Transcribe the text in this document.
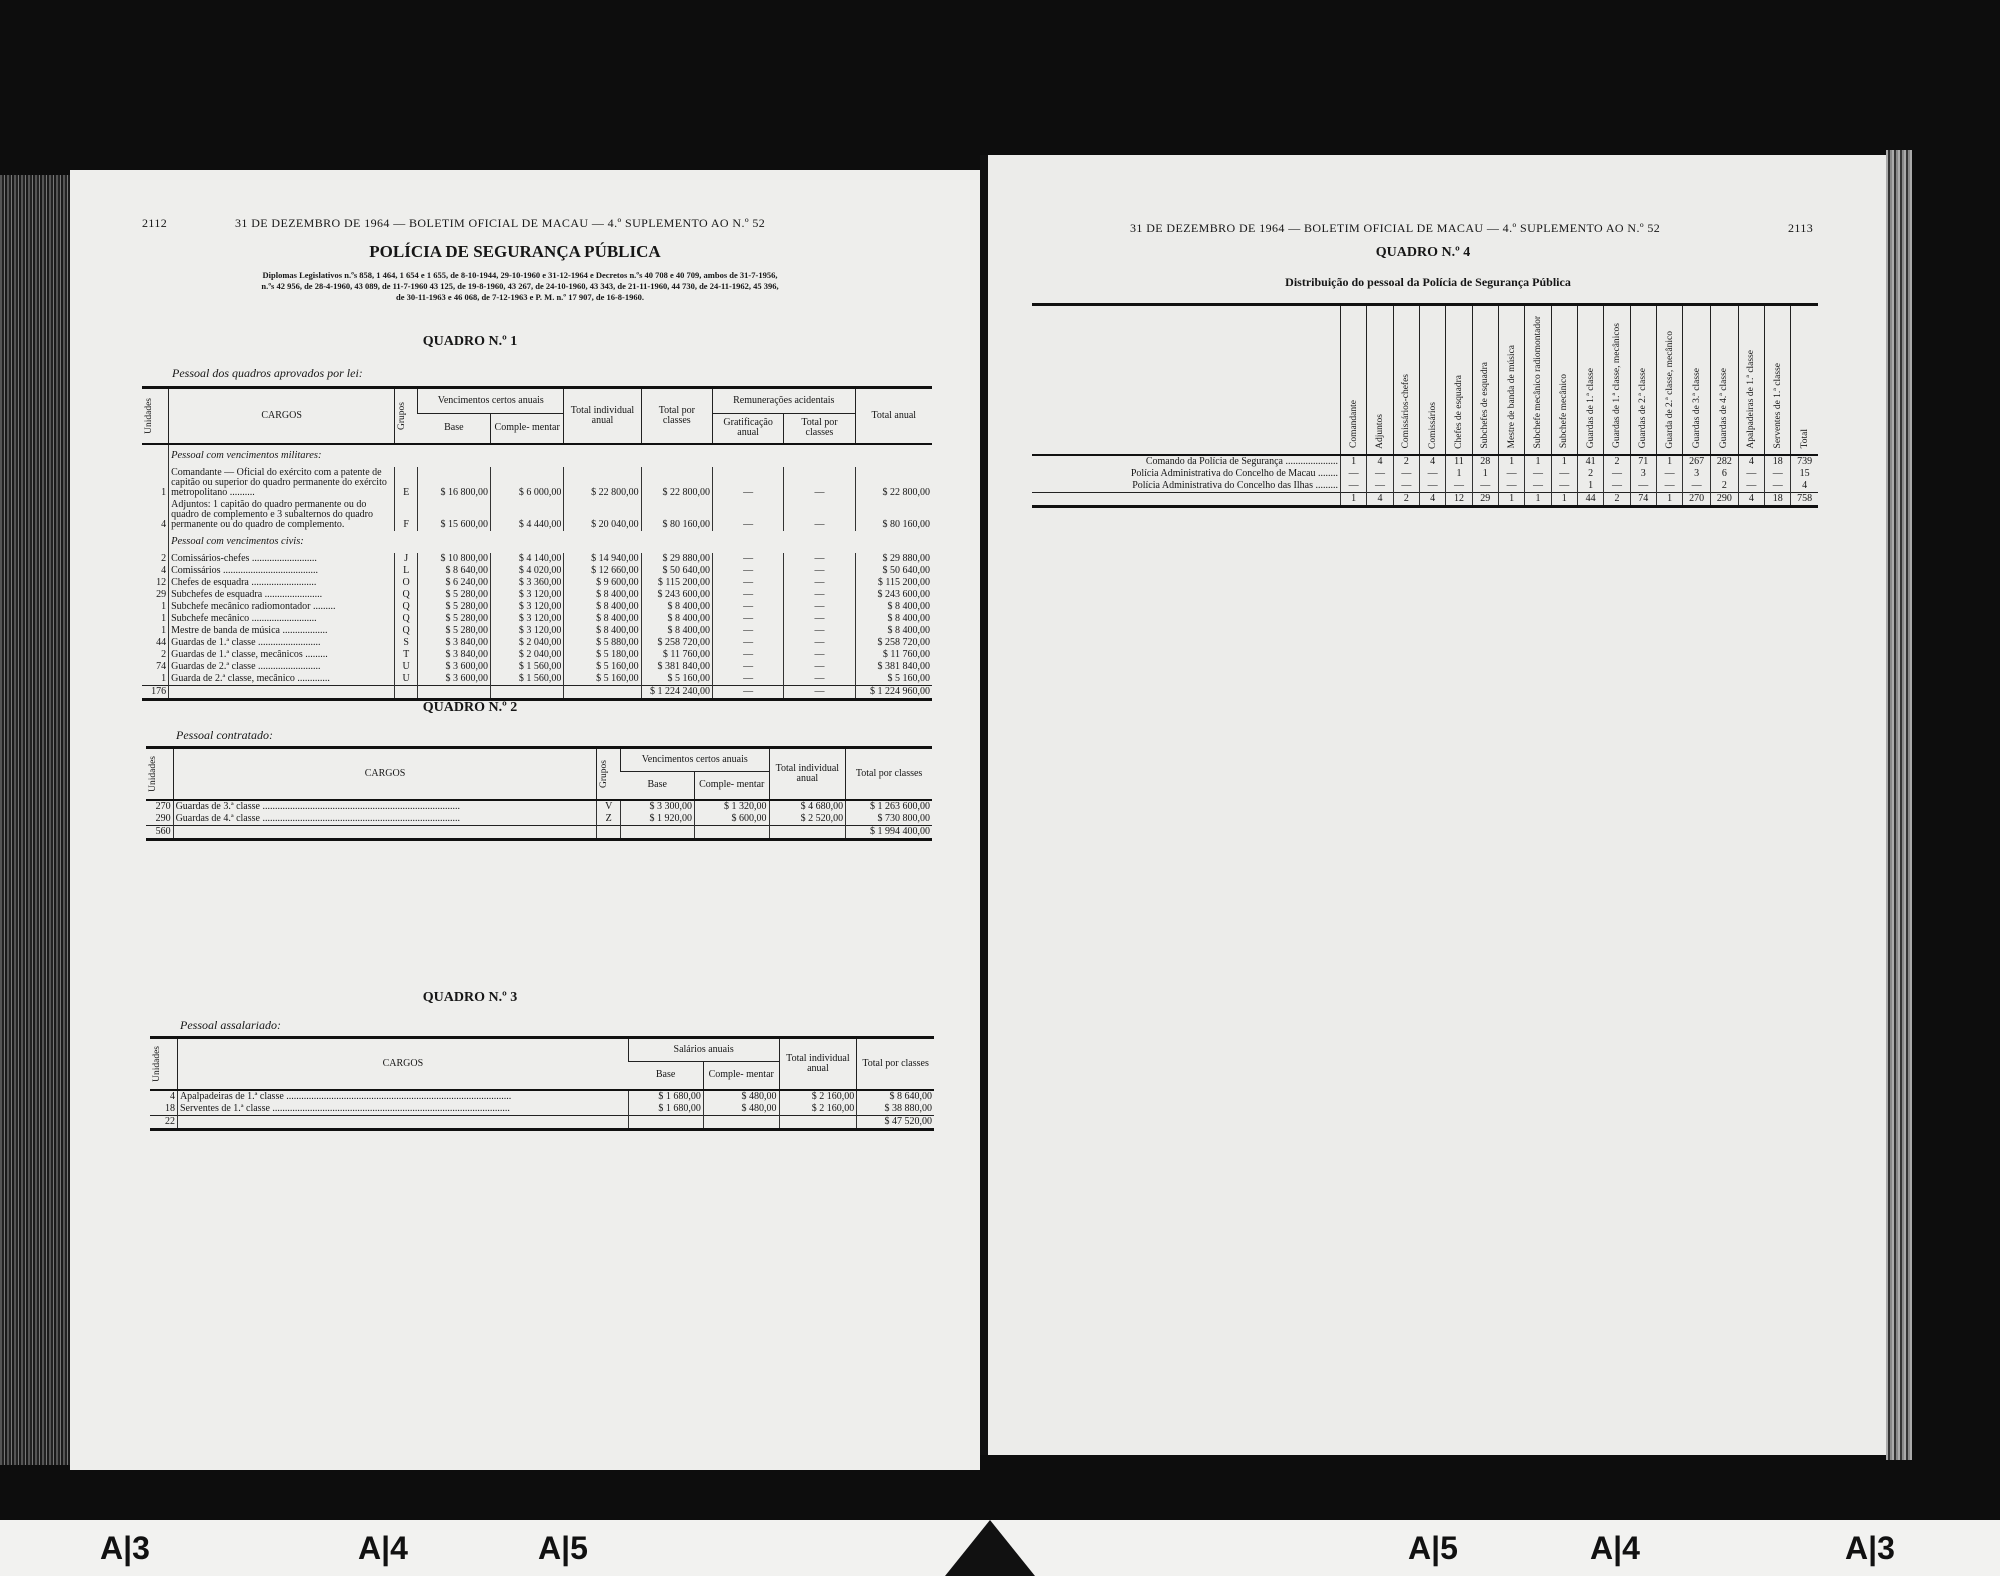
2112	31 DE DEZEMBRO DE 1964 — BOLETIM OFICIAL DE MACAU — 4.º SUPLEMENTO AO N.º 52
POLÍCIA DE SEGURANÇA PÚBLICA
Diplomas Legislativos n.ºs 858, 1 464, 1 654 e 1 655, de 8-10-1944, 29-10-1960 e 31-12-1964 e Decretos n.ºs 40 708 e 40 709, ambos de 31-7-1956, n.ºs 42 956, de 28-4-1960, 43 089, de 11-7-1960 43 125, de 19-8-1960, 43 267, de 24-10-1960, 43 343, de 21-11-1960, 44 730, de 24-11-1962, 45 396, de 30-11-1963 e 46 068, de 7-12-1963 e P. M. n.º 17 907, de 16-8-1960.
QUADRO N.º 1
Pessoal dos quadros aprovados por lei:
Unidades	CARGOS	Grupos	Vencimentos certos anuais		Total individual anual	Total por classes	Remunerações acidentais		Total anual
			Base	Comple- mentar			Gratificação anual	Total por classes	
	Pessoal com vencimentos militares:								
1	Comandante — Oficial do exército com a patente de capitão ou superior do quadro permanente do exército metropolitano ..........	E	$ 16 800,00	$ 6 000,00	$ 22 800,00	$ 22 800,00	—	—	$ 22 800,00
4	Adjuntos: 1 capitão do quadro permanente ou do quadro de complemento e 3 subalternos do quadro permanente ou do quadro de complemento.	F	$ 15 600,00	$ 4 440,00	$ 20 040,00	$ 80 160,00	—	—	$ 80 160,00
	Pessoal com vencimentos civis:								
2	Comissários-chefes ..........................	J	$ 10 800,00	$ 4 140,00	$ 14 940,00	$ 29 880,00	—	—	$ 29 880,00
4	Comissários ......................................	L	$ 8 640,00	$ 4 020,00	$ 12 660,00	$ 50 640,00	—	—	$ 50 640,00
12	Chefes de esquadra ..........................	O	$ 6 240,00	$ 3 360,00	$ 9 600,00	$ 115 200,00	—	—	$ 115 200,00
29	Subchefes de esquadra .......................	Q	$ 5 280,00	$ 3 120,00	$ 8 400,00	$ 243 600,00	—	—	$ 243 600,00
1	Subchefe mecânico radiomontador .........	Q	$ 5 280,00	$ 3 120,00	$ 8 400,00	$ 8 400,00	—	—	$ 8 400,00
1	Subchefe mecânico ..........................	Q	$ 5 280,00	$ 3 120,00	$ 8 400,00	$ 8 400,00	—	—	$ 8 400,00
1	Mestre de banda de música ..................	Q	$ 5 280,00	$ 3 120,00	$ 8 400,00	$ 8 400,00	—	—	$ 8 400,00
44	Guardas de 1.ª classe .........................	S	$ 3 840,00	$ 2 040,00	$ 5 880,00	$ 258 720,00	—	—	$ 258 720,00
2	Guardas de 1.ª classe, mecânicos .........	T	$ 3 840,00	$ 2 040,00	$ 5 180,00	$ 11 760,00	—	—	$ 11 760,00
74	Guardas de 2.ª classe .........................	U	$ 3 600,00	$ 1 560,00	$ 5 160,00	$ 381 840,00	—	—	$ 381 840,00
1	Guarda de 2.ª classe, mecânico .............	U	$ 3 600,00	$ 1 560,00	$ 5 160,00	$ 5 160,00	—	—	$ 5 160,00
176						$ 1 224 240,00	—	—	$ 1 224 960,00
QUADRO N.º 2
Pessoal contratado:
Unidades	CARGOS	Grupos	Vencimentos certos anuais		Total individual anual	Total por classes
			Base	Comple- mentar		
270	Guardas de 3.ª classe ...............................................................................	V	$ 3 300,00	$ 1 320,00	$ 4 680,00	$ 1 263 600,00
290	Guardas de 4.ª classe ...............................................................................	Z	$ 1 920,00	$ 600,00	$ 2 520,00	$ 730 800,00
560						$ 1 994 400,00
QUADRO N.º 3
Pessoal assalariado:
Unidades	CARGOS	Salários anuais		Total individual anual	Total por classes
		Base	Comple- mentar		
4	Apalpadeiras de 1.ª classe ..........................................................................................	$ 1 680,00	$ 480,00	$ 2 160,00	$ 8 640,00
18	Serventes de 1.ª classe ...............................................................................................	$ 1 680,00	$ 480,00	$ 2 160,00	$ 38 880,00
22					$ 47 520,00
31 DE DEZEMBRO DE 1964 — BOLETIM OFICIAL DE MACAU — 4.º SUPLEMENTO AO N.º 52	2113
QUADRO N.º 4
Distribuição do pessoal da Polícia de Segurança Pública
	Comandante	Adjuntos	Comissários-chefes	Comissários	Chefes de esquadra	Subchefes de esquadra	Mestre de banda de música	Subchefe mecânico radiomontador	Subchefe mecânico	Guardas de 1.ª classe	Guardas de 1.ª classe, mecânicos	Guardas de 2.ª classe	Guarda de 2.ª classe, mecânico	Guardas de 3.ª classe	Guardas de 4.ª classe	Apalpadeiras de 1.ª classe	Serventes de 1.ª classe	Total
Comando da Polícia de Segurança .....................	1	4	2	4	11	28	1	1	1	41	2	71	1	267	282	4	18	739
Polícia Administrativa do Concelho de Macau ........	—	—	—	—	1	1	—	—	—	2	—	3	—	3	6	—	—	15
Polícia Administrativa do Concelho das Ilhas .........	—	—	—	—	—	—	—	—	—	1	—	—	—	—	2	—	—	4
	1	4	2	4	12	29	1	1	1	44	2	74	1	270	290	4	18	758
A|3	A|4	A|5	A|5	A|4	A|3
